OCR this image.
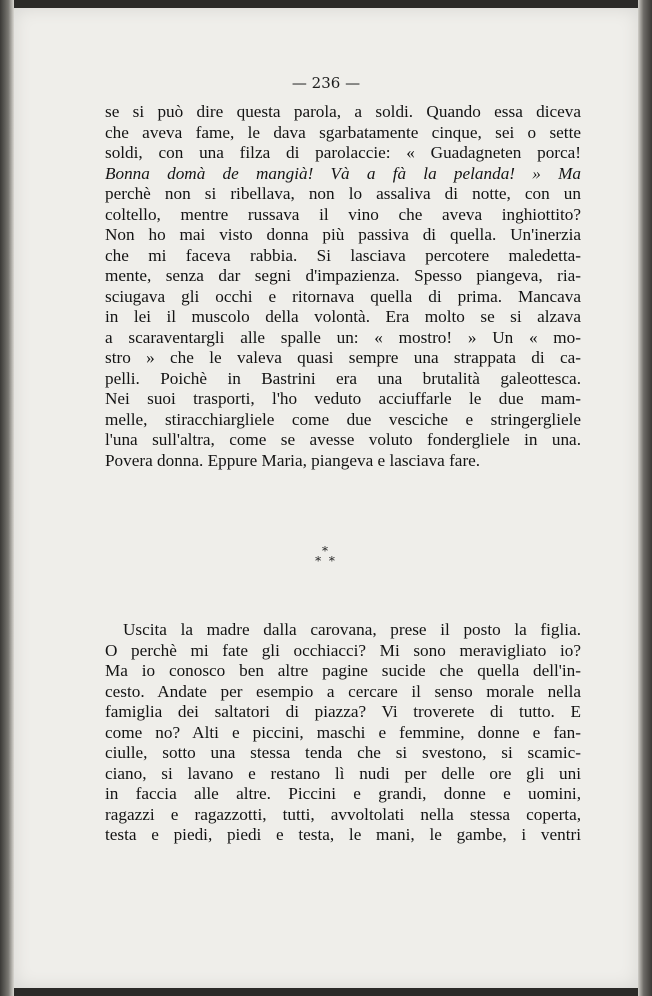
— 236 —
se si può dire questa parola, a soldi. Quando essa diceva
che aveva fame, le dava sgarbatamente cinque, sei o sette
soldi, con una filza di parolaccie: « Guadagneten porca!
Bonna domà de mangià! Và a fà la pelanda! » Ma
perchè non si ribellava, non lo assaliva di notte, con un
coltello, mentre russava il vino che aveva inghiottito?
Non ho mai visto donna più passiva di quella. Un'inerzia
che mi faceva rabbia. Si lasciava percotere maledetta-
mente, senza dar segni d'impazienza. Spesso piangeva, ria-
sciugava gli occhi e ritornava quella di prima. Mancava
in lei il muscolo della volontà. Era molto se si alzava
a scaraventargli alle spalle un: « mostro! » Un « mo-
stro » che le valeva quasi sempre una strappata di ca-
pelli. Poichè in Bastrini era una brutalità galeottesca.
Nei suoi trasporti, l'ho veduto acciuffarle le due mam-
melle, stiracchiargliele come due vesciche e stringergliele
l'una sull'altra, come se avesse voluto fondergliele in una.
Povera donna. Eppure Maria, piangeva e lasciava fare.
*
* *
Uscita la madre dalla carovana, prese il posto la figlia.
O perchè mi fate gli occhiacci? Mi sono meravigliato io?
Ma io conosco ben altre pagine sucide che quella dell'in-
cesto. Andate per esempio a cercare il senso morale nella
famiglia dei saltatori di piazza? Vi troverete di tutto. E
come no? Alti e piccini, maschi e femmine, donne e fan-
ciulle, sotto una stessa tenda che si svestono, si scamic-
ciano, si lavano e restano lì nudi per delle ore gli uni
in faccia alle altre. Piccini e grandi, donne e uomini,
ragazzi e ragazzotti, tutti, avvoltolati nella stessa coperta,
testa e piedi, piedi e testa, le mani, le gambe, i ventri
